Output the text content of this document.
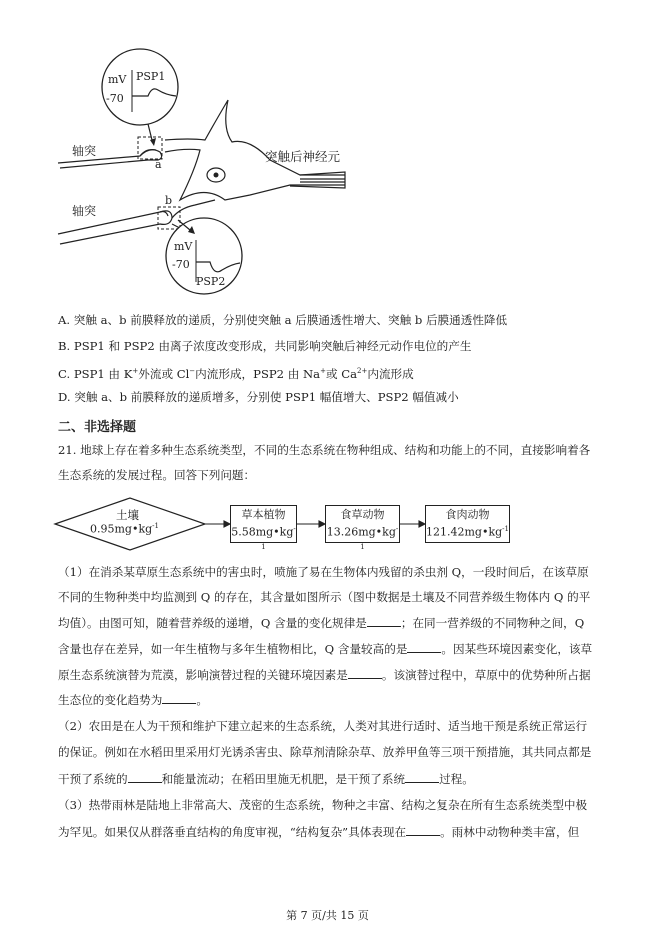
mV PSP1
-70
mV
-70
PSP2
轴突
轴突
突触后神经元
a
b
A. 突触 a、b 前膜释放的递质，分别使突触 a 后膜通透性增大、突触 b 后膜通透性降低
B. PSP1 和 PSP2 由离子浓度改变形成，共同影响突触后神经元动作电位的产生
C. PSP1 由 K+外流或 Cl−内流形成，PSP2 由 Na+或 $Ca^{2+}$内流形成
D. 突触 a、b 前膜释放的递质增多，分别使 PSP1 幅值增大、PSP2 幅值减小
二、非选择题
21. 地球上存在着多种生态系统类型，不同的生态系统在物种组成、结构和功能上的不同，直接影响着各
生态系统的发展过程。回答下列问题：
土壤
$0.95mg•kg^{-1}$
草本植物
$5.58mg•kg^{-1}$
食草动物
$13.26mg•kg^{-1}$
食肉动物
$121.42mg•kg^{-1}$
（1）在消杀某草原生态系统中的害虫时，喷施了易在生物体内残留的杀虫剂 Q，一段时间后，在该草原
不同的生物种类中均监测到 Q 的存在，其含量如图所示（图中数据是土壤及不同营养级生物体内 Q 的平
均值）。由图可知，随着营养级的递增，Q 含量的变化规律是	；在同一营养级的不同物种之间，Q
含量也存在差异，如一年生植物与多年生植物相比，Q 含量较高的是	。因某些环境因素变化，该草
原生态系统演替为荒漠，影响演替过程的关键环境因素是	。该演替过程中，草原中的优势种所占据
生态位的变化趋势为	。
（2）农田是在人为干预和维护下建立起来的生态系统，人类对其进行适时、适当地干预是系统正常运行
的保证。例如在水稻田里采用灯光诱杀害虫、除草剂清除杂草、放养甲鱼等三项干预措施，其共同点都是
干预了系统的	和能量流动；在稻田里施无机肥，是干预了系统	过程。
（3）热带雨林是陆地上非常高大、茂密的生态系统，物种之丰富、结构之复杂在所有生态系统类型中极
为罕见。如果仅从群落垂直结构的角度审视，“结构复杂”具体表现在	。雨林中动物种类丰富，但
第 7 页/共 15 页
